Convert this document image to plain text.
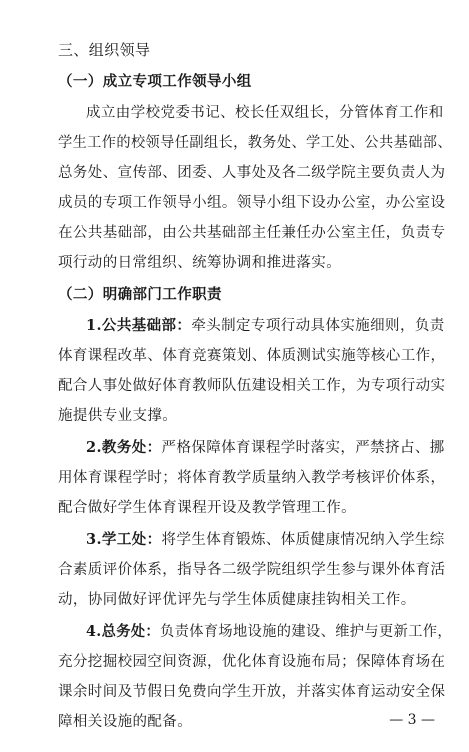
三、组织领导
（一）成立专项工作领导小组
成立由学校党委书记、校长任双组长，分管体育工作和
学生工作的校领导任副组长，教务处、学工处、公共基础部、
总务处、宣传部、团委、人事处及各二级学院主要负责人为
成员的专项工作领导小组。领导小组下设办公室，办公室设
在公共基础部，由公共基础部主任兼任办公室主任，负责专
项行动的日常组织、统筹协调和推进落实。
（二）明确部门工作职责
1.公共基础部：牵头制定专项行动具体实施细则，负责
体育课程改革、体育竞赛策划、体质测试实施等核心工作，
配合人事处做好体育教师队伍建设相关工作，为专项行动实
施提供专业支撑。
2.教务处：严格保障体育课程学时落实，严禁挤占、挪
用体育课程学时；将体育教学质量纳入教学考核评价体系，
配合做好学生体育课程开设及教学管理工作。
3.学工处：将学生体育锻炼、体质健康情况纳入学生综
合素质评价体系，指导各二级学院组织学生参与课外体育活
动，协同做好评优评先与学生体质健康挂钩相关工作。
4.总务处：负责体育场地设施的建设、维护与更新工作，
充分挖掘校园空间资源，优化体育设施布局；保障体育场在
课余时间及节假日免费向学生开放，并落实体育运动安全保
障相关设施的配备。	— 3 —
